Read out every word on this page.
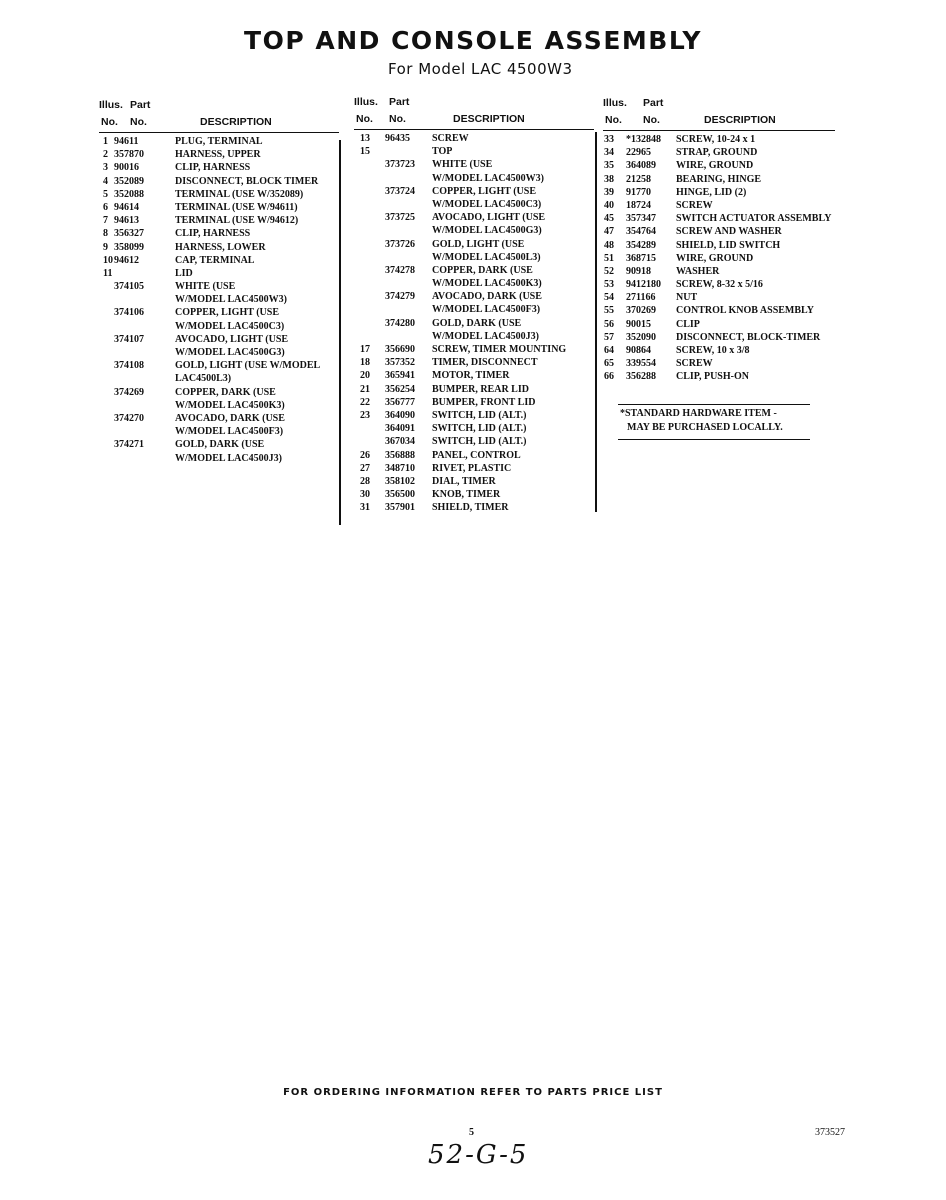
TOP AND CONSOLE ASSEMBLY
For Model LAC 4500W3
Illus. Part
No. No.	DESCRIPTION
1 94611	PLUG, TERMINAL
2 357870	HARNESS, UPPER
3 90016	CLIP, HARNESS
4 352089	DISCONNECT, BLOCK TIMER
5 352088	TERMINAL (USE W/352089)
6 94614	TERMINAL (USE W/94611)
7 94613	TERMINAL (USE W/94612)
8 356327	CLIP, HARNESS
9 358099	HARNESS, LOWER
10 94612	CAP, TERMINAL
11	LID
374105	WHITE (USE
W/MODEL LAC4500W3)
374106	COPPER, LIGHT (USE
W/MODEL LAC4500C3)
374107	AVOCADO, LIGHT (USE
W/MODEL LAC4500G3)
374108	GOLD, LIGHT (USE W/MODEL
LAC4500L3)
374269	COPPER, DARK (USE
W/MODEL LAC4500K3)
374270	AVOCADO, DARK (USE
W/MODEL LAC4500F3)
374271	GOLD, DARK (USE
W/MODEL LAC4500J3)
Illus. Part
No. No.	DESCRIPTION
13 96435 SCREW
15	TOP
373723 WHITE (USE
W/MODEL LAC4500W3)
373724 COPPER, LIGHT (USE
W/MODEL LAC4500C3)
373725 AVOCADO, LIGHT (USE
W/MODEL LAC4500G3)
373726 GOLD, LIGHT (USE
W/MODEL LAC4500L3)
374278 COPPER, DARK (USE
W/MODEL LAC4500K3)
374279 AVOCADO, DARK (USE
W/MODEL LAC4500F3)
374280 GOLD, DARK (USE
W/MODEL LAC4500J3)
17 356690 SCREW, TIMER MOUNTING
18 357352 TIMER, DISCONNECT
20 365941 MOTOR, TIMER
21 356254 BUMPER, REAR LID
22 356777 BUMPER, FRONT LID
23 364090 SWITCH, LID (ALT.)
364091 SWITCH, LID (ALT.)
367034 SWITCH, LID (ALT.)
26 356888 PANEL, CONTROL
27 348710 RIVET, PLASTIC
28 358102 DIAL, TIMER
30 356500 KNOB, TIMER
31 357901 SHIELD, TIMER
Illus. Part
No. No.	DESCRIPTION
33 *132848 SCREW, 10-24 x 1
34 22965	STRAP, GROUND
35 364089 WIRE, GROUND
38 21258	BEARING, HINGE
39 91770	HINGE, LID (2)
40 18724	SCREW
45 357347 SWITCH ACTUATOR ASSEMBLY
47 354764 SCREW AND WASHER
48 354289 SHIELD, LID SWITCH
51 368715 WIRE, GROUND
52 90918	WASHER
53 9412180 SCREW, 8-32 x 5/16
54 271166 NUT
55 370269 CONTROL KNOB ASSEMBLY
56 90015	CLIP
57 352090 DISCONNECT, BLOCK-TIMER
64 90864	SCREW, 10 x 3/8
65 339554 SCREW
66 356288 CLIP, PUSH-ON
*STANDARD HARDWARE ITEM -
MAY BE PURCHASED LOCALLY.
FOR ORDERING INFORMATION REFER TO PARTS PRICE LIST
5	373527
52-G-5
